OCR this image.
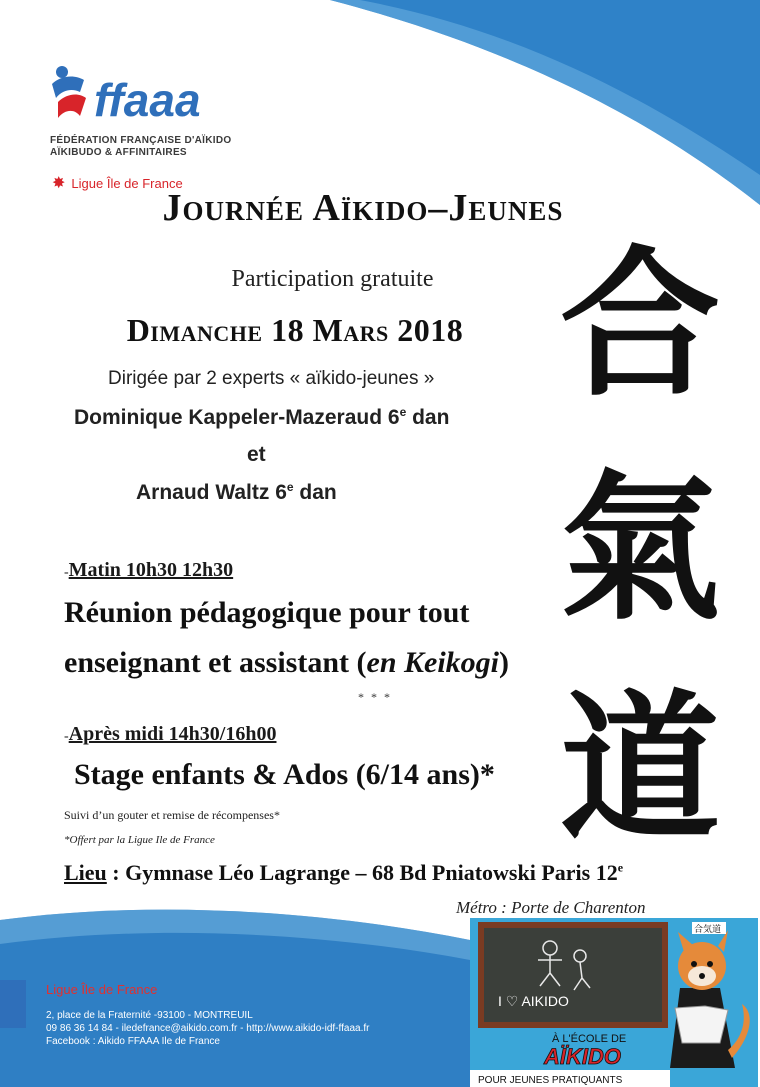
ffaaa
FÉDÉRATION FRANÇAISE D'AÏKIDO
AÏKIBUDO & AFFINITAIRES
✸ Ligue Île de France
Journée Aïkido–Jeunes
Participation gratuite
Dimanche 18 Mars 2018
Dirigée par 2 experts « aïkido-jeunes »
Dominique Kappeler-Mazeraud 6e dan
et
Arnaud Waltz 6e dan
-Matin 10h30 12h30
Réunion pédagogique pour tout
enseignant et assistant (en Keikogi)
* * *
-Après midi 14h30/16h00
Stage enfants & Ados (6/14 ans)*
Suivi d’un gouter et remise de récompenses*
*Offert par la Ligue Ile de France
Lieu : Gymnase Léo Lagrange – 68 Bd Pniatowski Paris 12e
Métro : Porte de Charenton
合
氣
道
Ligue Île de France
2, place de la Fraternité -93100 - MONTREUIL
09 86 36 14 84 - iledefrance@aikido.com.fr - http://www.aikido-idf-ffaaa.fr
Facebook : Aikido FFAAA Ile de France
I ♡ AIKIDO
合気道
À L'ÉCOLE DE
AÏKIDO
POUR JEUNES PRATIQUANTS
